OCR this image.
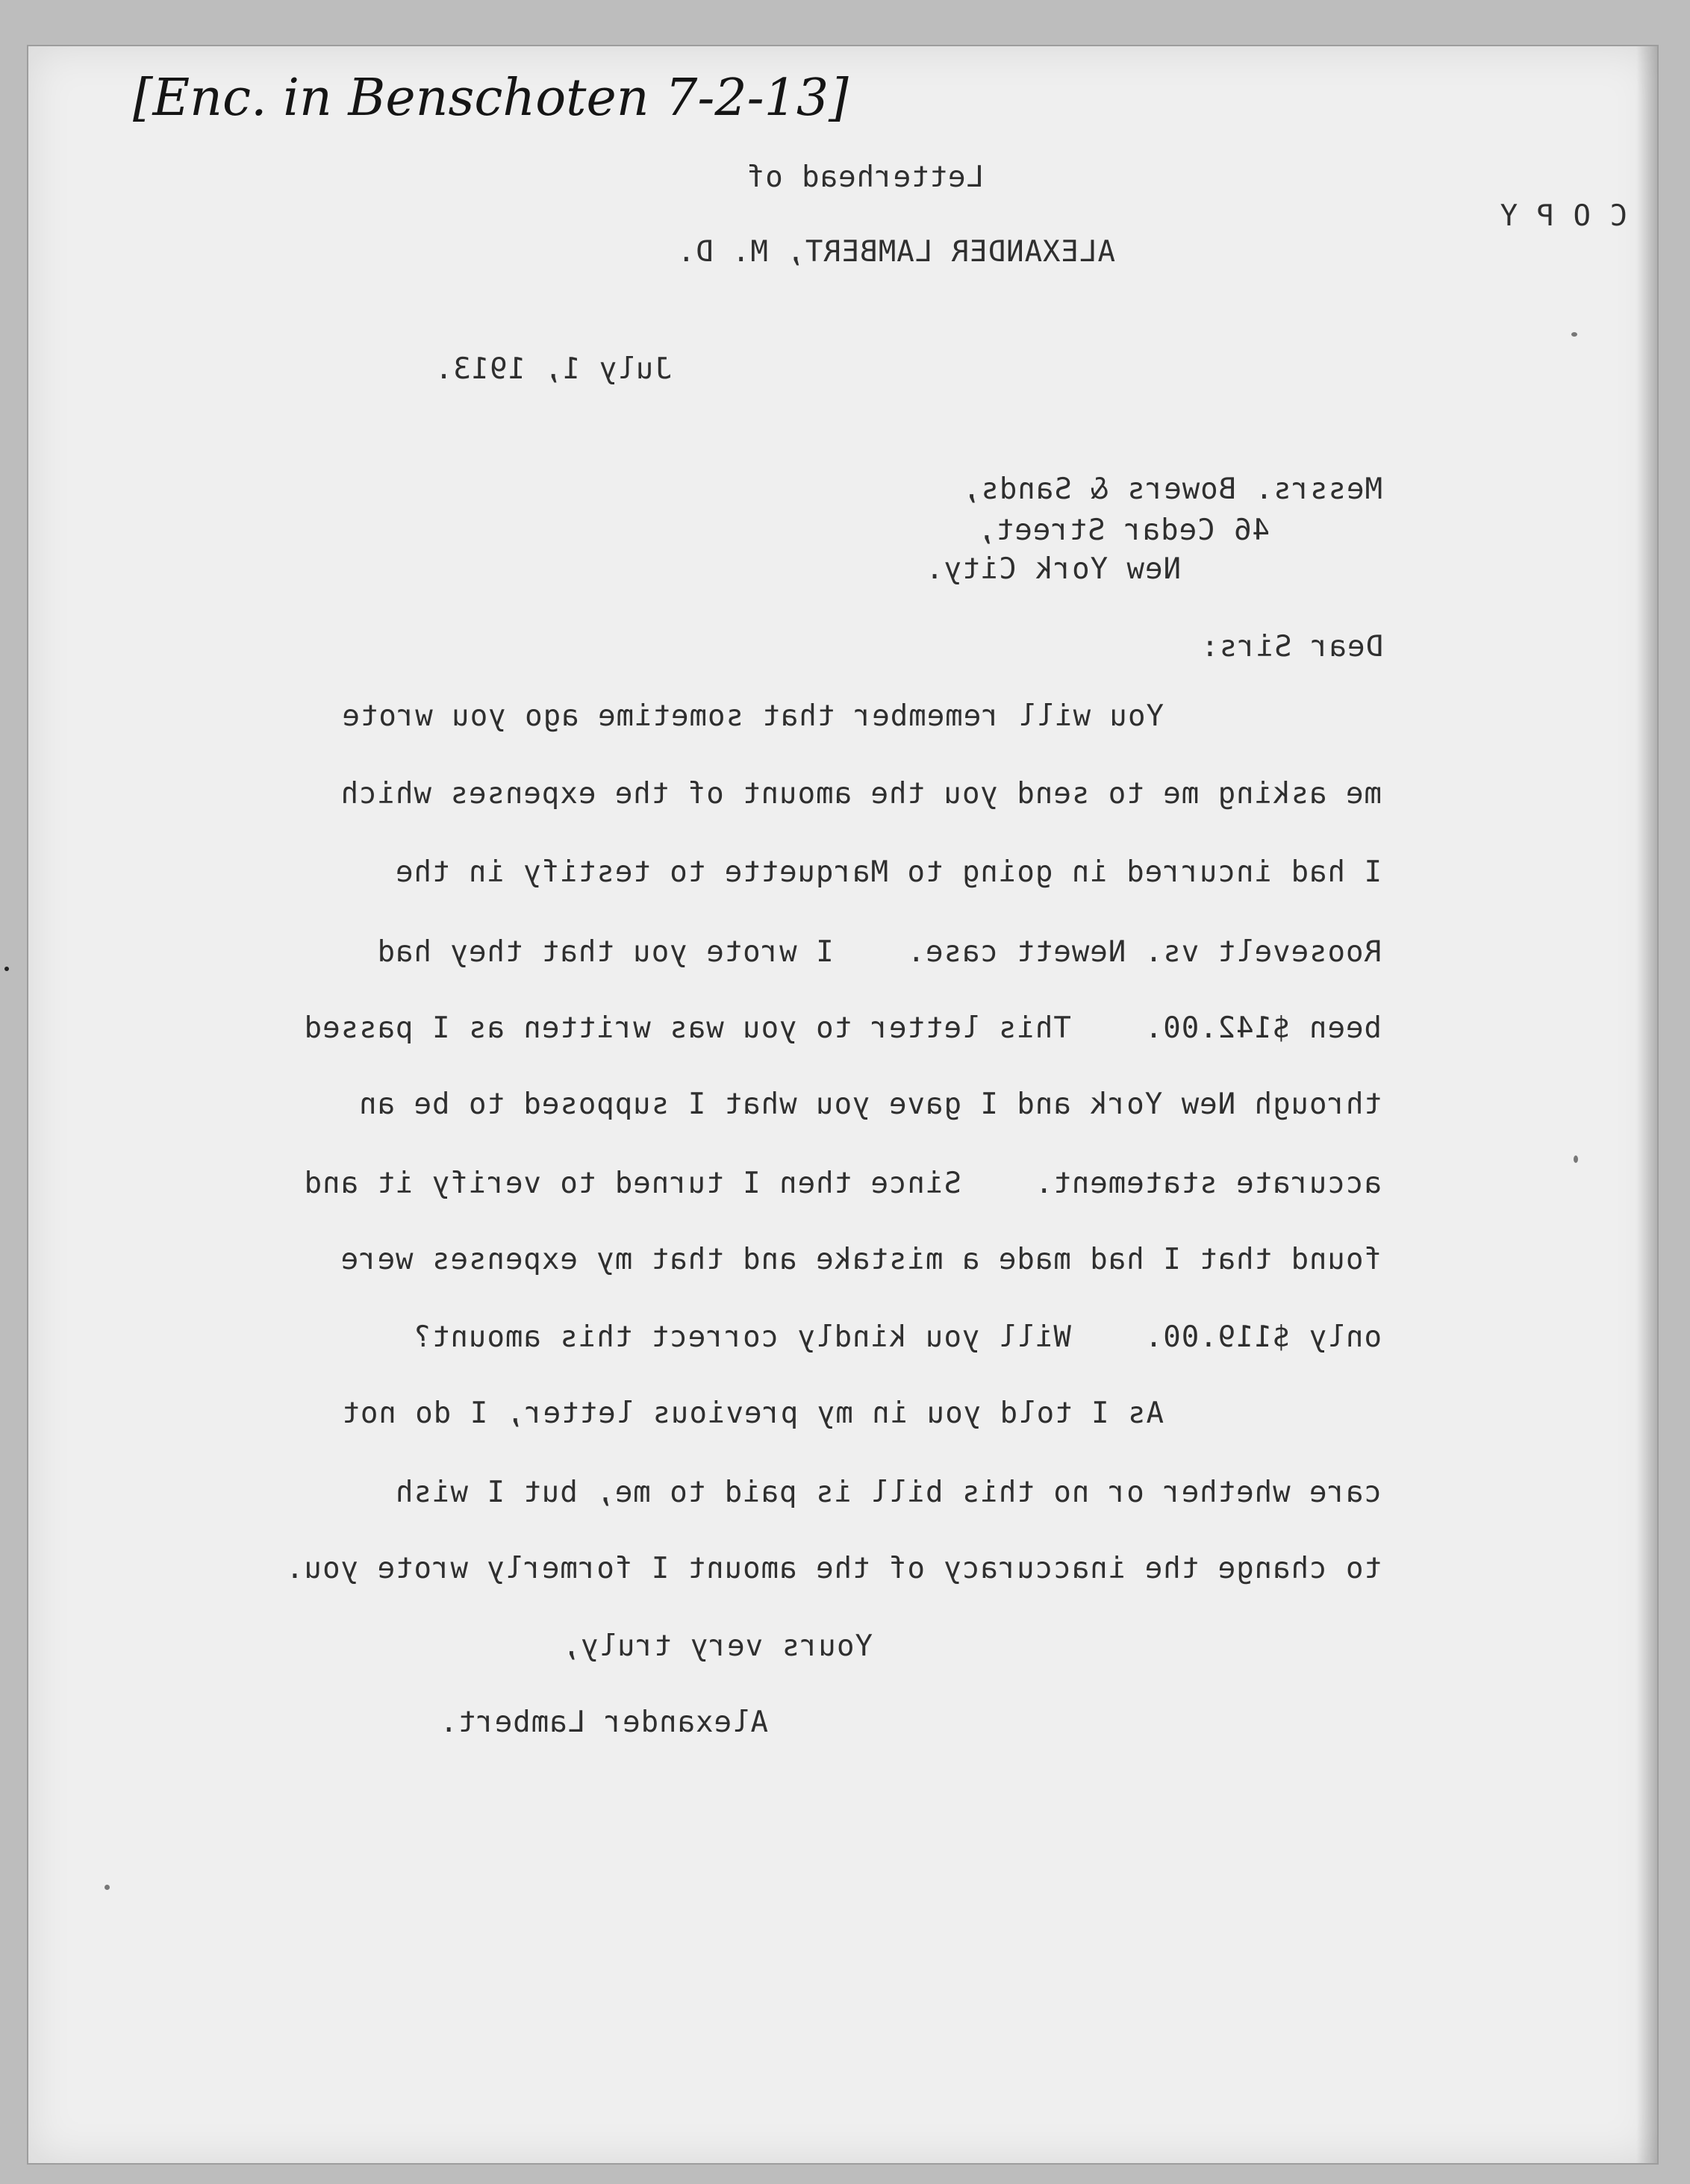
[Enc. in Benschoten 7-2-13]
Letterhead of
C O P Y
ALEXANDER LAMBERT, M. D.
July 1, 1913.
Messrs. Bowers & Sands,
46 Cedar Street,
New York City.
Dear Sirs:
You will remember that sometime ago you wrote
me asking me to send you the amount of the expenses which
I had incurred in going to Marquette to testify in the
Roosevelt vs. Newett case.    I wrote you that they had
been $142.00.    This letter to you was written as I passed
through New York and I gave you what I supposed to be an
accurate statement.    Since then I turned to verify it and
found that I had made a mistake and that my expenses were
only $119.00.    Will you kindly correct this amount?
As I told you in my previous letter, I do not
care whether or no this bill is paid to me, but I wish
to change the inaccuracy of the amount I formerly wrote you.
Yours very truly,
Alexander Lambert.
